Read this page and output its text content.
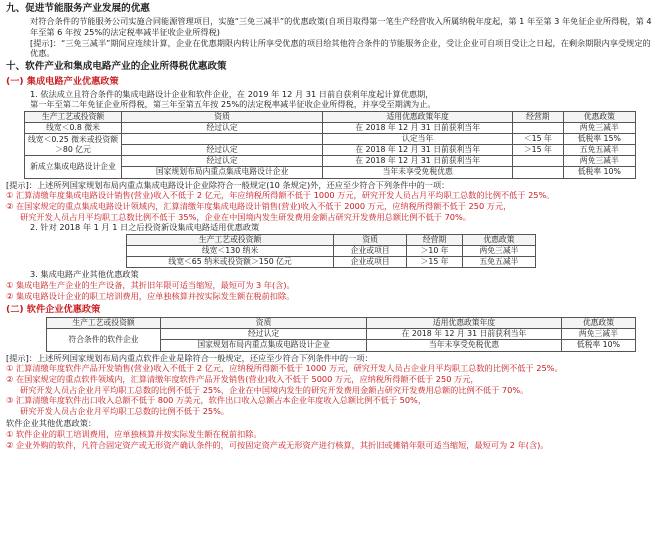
九、促进节能服务产业发展的优惠

对符合条件的节能服务公司实施合同能源管理项目，实施“三免三减半”的优惠政策(自项目取得第一笔生产经营收入所属纳税年度起，第 1 年至第 3 年免征企业所得税，第 4 年至第 6 年按 25%的法定税率减半征收企业所得税)

[提示]：“三免三减半”期间应连续计算，企业在优惠期限内转让所享受优惠的项目给其他符合条件的节能服务企业，受让企业可自项目受让之日起，在剩余期限内享受规定的优惠。

十、软件产业和集成电路产业的企业所得税优惠政策
(一) 集成电路产业优惠政策

1. 依法成立且符合条件的集成电路设计企业和软件企业，在 2019 年 12 月 31 日前自获利年度起计算优惠期，

第一年至第二年免征企业所得税，第三年至第五年按 25%的法定税率减半征收企业所得税，并享受至期满为止。

生产工艺或投资额	资质	适用优惠政策年度	经营期	优惠政策
线宽＜0.8 微米	经过认定	在 2018 年 12 月 31 日前获利当年		两免三减半
线宽＜0.25 微米或投资额＞80 亿元		认定当年	＜15 年	低税率 15%
	经过认定	在 2018 年 12 月 31 日前获利当年	＞15 年	五免五减半
新成立集成电路设计企业	经过认定	在 2018 年 12 月 31 日前获利当年		两免三减半
	国家规划布局内重点集成电路设计企业	当年未享受免税优惠		低税率 10%

[提示]：上述所列国家规划布局内重点集成电路设计企业除符合一般规定(10 条规定)外，还应至少符合下列条件中的一项：

① 汇算清缴年度集成电路设计销售(营业)收入不低于 2 亿元，年应纳税所得额不低于 1000 万元，研究开发人员占月平均职工总数的比例不低于 25%。

② 在国家规定的重点集成电路设计领域内，汇算清缴年度集成电路设计销售(营业)收入不低于 2000 万元，应纳税所得额不低于 250 万元，

研究开发人员占月平均职工总数比例不低于 35%，企业在中国境内发生研发费用金额占研究开发费用总额比例不低于 70%。

2. 针对 2018 年 1 月 1 日之后投资新设集成电路适用优惠政策

生产工艺或投资额	资质	经营期	优惠政策
线宽＜130 纳米	企业或项目	＞10 年	两免三减半
线宽＜65 纳米或投资额＞150 亿元	企业或项目	＞15 年	五免五减半

3. 集成电路产业其他优惠政策

① 集成电路生产企业的生产设备，其折旧年限可适当缩短，最短可为 3 年(含)。

② 集成电路设计企业的职工培训费用，应单独核算并按实际发生额在税前扣除。

(二) 软件企业优惠政策
生产工艺或投资额	资质	适用优惠政策年度	优惠政策
符合条件的软件企业	经过认定	在 2018 年 12 月 31 日前获利当年	两免三减半
	国家规划布局内重点集成电路设计企业	当年未享受免税优惠	低税率 10%

[提示]：上述所列国家规划布局内重点软件企业是除符合一般规定，还应至少符合下列条件中的一项：

① 汇算清缴年度软件产品开发销售(营业)收入不低于 2 亿元，应纳税所得额不低于 1000 万元，研究开发人员占企业月平均职工总数的比例不低于 25%。

② 在国家规定的重点软件领域内，汇算清缴年度软件产品开发销售(营业)收入不低于 5000 万元，应纳税所得额不低于 250 万元，

研究开发人员占企业月平均职工总数的比例不低于 25%，企业在中国境内发生的研究开发费用金额占研究开发费用总额的比例不低于 70%。

③ 汇算清缴年度软件出口收入总额不低于 800 万美元，软件出口收入总额占本企业年度收入总额比例不低于 50%，

研究开发人员占企业月平均职工总数的比例不低于 25%。

软件企业其他优惠政策：

① 软件企业的职工培训费用，应单独核算并按实际发生额在税前扣除。

② 企业外购的软件，凡符合固定资产或无形资产确认条件的，可按固定资产或无形资产进行核算，其折旧或摊销年限可适当缩短，最短可为 2 年(含)。
